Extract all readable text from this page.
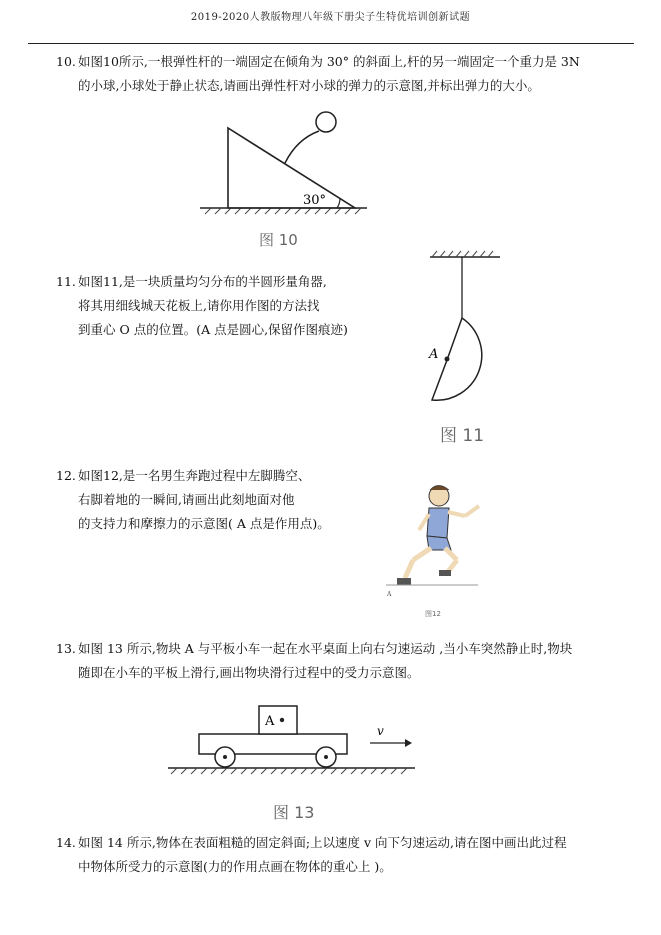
2019-2020人教版物理八年级下册尖子生特优培训创新试题
10. 如图10所示,一根弹性杆的一端固定在倾角为 30° 的斜面上,杆的另一端固定一个重力是 3N
的小球,小球处于静止状态,请画出弹性杆对小球的弹力的示意图,并标出弹力的大小。
30°
图 10
11. 如图11,是一块质量均匀分布的半圆形量角器,
将其用细线城天花板上,请你用作图的方法找
到重心 O 点的位置。(A 点是圆心,保留作图痕迹)
A
图 11
12. 如图12,是一名男生奔跑过程中左脚腾空、
右脚着地的一瞬间,请画出此刻地面对他
的支持力和摩擦力的示意图( A 点是作用点)。
A
图12
13. 如图 13 所示,物块 A 与平板小车一起在水平桌面上向右匀速运动 ,当小车突然静止时,物块
随即在小车的平板上滑行,画出物块滑行过程中的受力示意图。
A
v
图 13
14. 如图 14 所示,物体在表面粗糙的固定斜面;上以速度 v 向下匀速运动,请在图中画出此过程
中物体所受力的示意图(力的作用点画在物体的重心上 )。
